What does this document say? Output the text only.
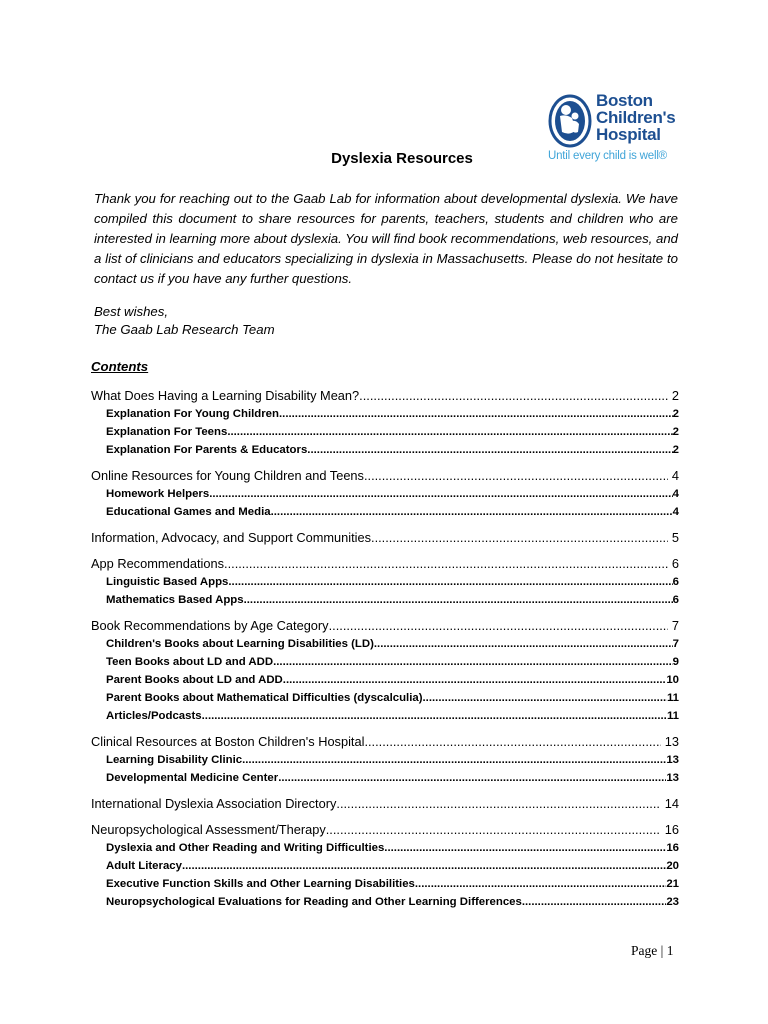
Boston
Children's
Hospital
Until every child is well®
Dyslexia Resources

Thank you for reaching out to the Gaab Lab for information about developmental dyslexia. We have compiled this document to share resources for parents, teachers, students and children who are interested in learning more about dyslexia. You will find book recommendations, web resources, and a list of clinicians and educators specializing in dyslexia in Massachusetts. Please do not hesitate to contact us if you have any further questions.

Best wishes,
The Gaab Lab Research Team
Contents
What Does Having a Learning Disability Mean? .....	2
Explanation For Young Children .....	2
Explanation For Teens .....	2
Explanation For Parents & Educators .....	2
Online Resources for Young Children and Teens .....	4
Homework Helpers .....	4
Educational Games and Media .....	4
Information, Advocacy, and Support Communities .....	5
App Recommendations .....	6
Linguistic Based Apps .....	6
Mathematics Based Apps .....	6
Book Recommendations by Age Category .....	7
Children's Books about Learning Disabilities (LD) .....	7
Teen Books about LD and ADD .....	9
Parent Books about LD and ADD .....	10
Parent Books about Mathematical Difficulties (dyscalculia) .....	11
Articles/Podcasts .....	11
Clinical Resources at Boston Children's Hospital .....	13
Learning Disability Clinic .....	13
Developmental Medicine Center .....	13
International Dyslexia Association Directory .....	14
Neuropsychological Assessment/Therapy .....	16
Dyslexia and Other Reading and Writing Difficulties .....	16
Adult Literacy .....	20
Executive Function Skills and Other Learning Disabilities .....	21
Neuropsychological Evaluations for Reading and Other Learning Differences .....	23
Page | 1
